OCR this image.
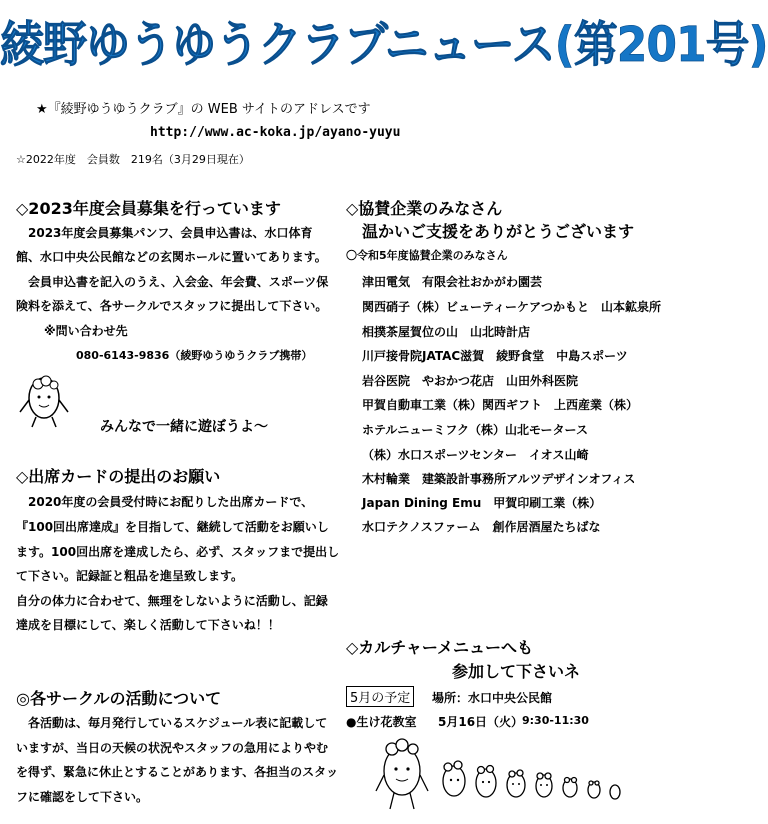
綾野ゆうゆうクラブニュース(第201号)
★『綾野ゆうゆうクラブ』の WEB サイトのアドレスです
http://www.ac-koka.jp/ayano-yuyu
☆2022年度　会員数　219名（3月29日現在）
◇2023年度会員募集を行っています
　2023年度会員募集パンフ、会員申込書は、水口体育
館、水口中央公民館などの玄関ホールに置いてあります。
　会員申込書を記入のうえ、入会金、年会費、スポーツ保
険料を添えて、各サークルでスタッフに提出して下さい。
※問い合わせ先
080-6143-9836（綾野ゆうゆうクラブ携帯）
みんなで一緒に遊ぼうよ～
◇出席カードの提出のお願い
　2020年度の会員受付時にお配りした出席カードで、
『100回出席達成』を目指して、継続して活動をお願いし
ます。100回出席を達成したら、必ず、スタッフまで提出し
て下さい。記録証と粗品を進呈致します。
自分の体力に合わせて、無理をしないように活動し、記録
達成を目標にして、楽しく活動して下さいね！！
◎各サークルの活動について
　各活動は、毎月発行しているスケジュール表に記載して
いますが、当日の天候の状況やスタッフの急用によりやむ
を得ず、緊急に休止とすることがあります、各担当のスタッ
フに確認をして下さい。
◇協賛企業のみなさん
温かいご支援をありがとうございます
〇令和5年度協賛企業のみなさん
津田電気　有限会社おかがわ園芸
関西硝子（株）ビューティーケアつかもと　山本鉱泉所
相撲茶屋賀位の山　山北時計店
川戸接骨院JATAC滋賀　綾野食堂　中島スポーツ
岩谷医院　やおかつ花店　山田外科医院
甲賀自動車工業（株）関西ギフト　上西産業（株）
ホテルニューミフク（株）山北モータース
（株）水口スポーツセンター　イオス山崎
木村輪業　建築設計事務所アルツデザインオフィス
Japan Dining Emu　甲賀印刷工業（株）
水口テクノスファーム　創作居酒屋たちばな
◇カルチャーメニューへも
参加して下さいネ
5月の予定	場所：水口中央公民館
●生け花教室 5月16日（火）
9:30-11:30
